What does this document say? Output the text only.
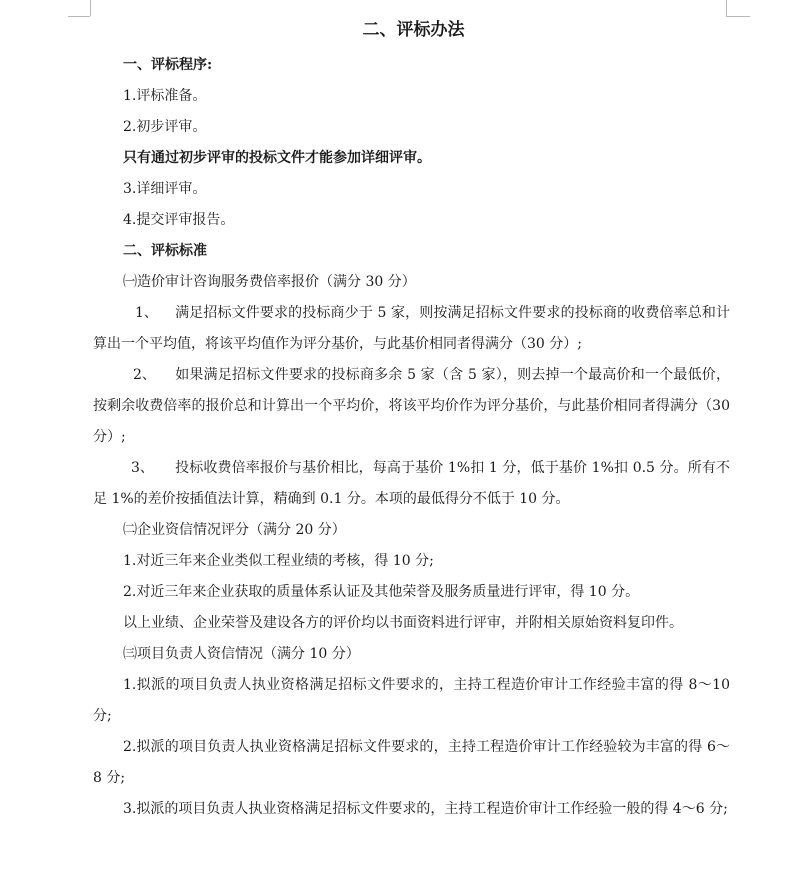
二、评标办法
一、评标程序:
1.评标准备。
2.初步评审。
只有通过初步评审的投标文件才能参加详细评审。
3.详细评审。
4.提交评审报告。
二、评标标准
㈠造价审计咨询服务费倍率报价（满分 30 分）
1、 满足招标文件要求的投标商少于 5 家，则按满足招标文件要求的投标商的收费倍率总和计算出一个平均值，将该平均值作为评分基价，与此基价相同者得满分（30 分）;
2、 如果满足招标文件要求的投标商多余 5 家（含 5 家），则去掉一个最高价和一个最低价，按剩余收费倍率的报价总和计算出一个平均价，将该平均价作为评分基价，与此基价相同者得满分（30 分）;
3、 投标收费倍率报价与基价相比，每高于基价 1%扣 1 分，低于基价 1%扣 0.5 分。所有不足 1%的差价按插值法计算，精确到 0.1 分。本项的最低得分不低于 10 分。
㈡企业资信情况评分（满分 20 分）
1.对近三年来企业类似工程业绩的考核，得 10 分;
2.对近三年来企业获取的质量体系认证及其他荣誉及服务质量进行评审，得 10 分。
以上业绩、企业荣誉及建设各方的评价均以书面资料进行评审，并附相关原始资料复印件。
㈢项目负责人资信情况（满分 10 分）
1.拟派的项目负责人执业资格满足招标文件要求的，主持工程造价审计工作经验丰富的得 8～10 分;
2.拟派的项目负责人执业资格满足招标文件要求的，主持工程造价审计工作经验较为丰富的得 6～8 分;
3.拟派的项目负责人执业资格满足招标文件要求的，主持工程造价审计工作经验一般的得 4～6 分;
